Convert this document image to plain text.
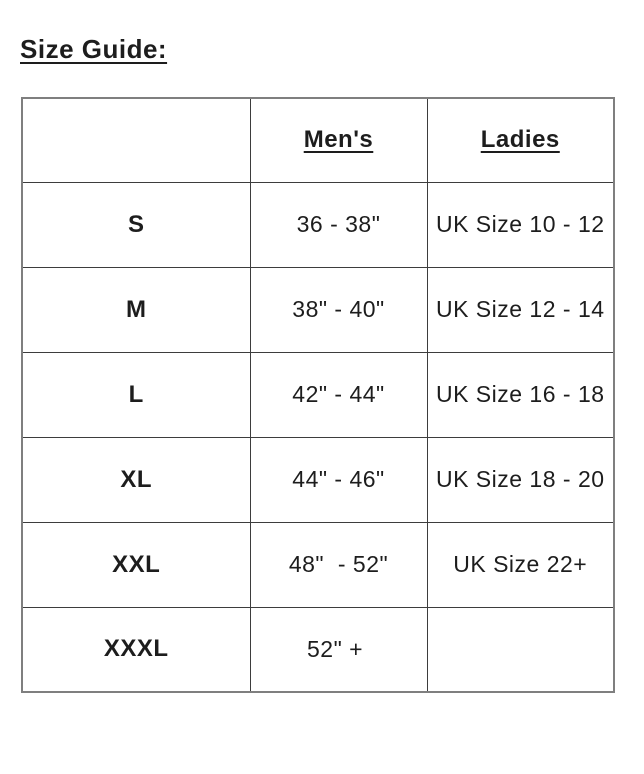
Size Guide:
	Men's	Ladies
S	36 - 38"	UK Size 10 - 12
M	38" - 40"	UK Size 12 - 14
L	42" - 44"	UK Size 16 - 18
XL	44" - 46"	UK Size 18 - 20
XXL	48"  - 52"	UK Size 22+
XXXL	52" +	
